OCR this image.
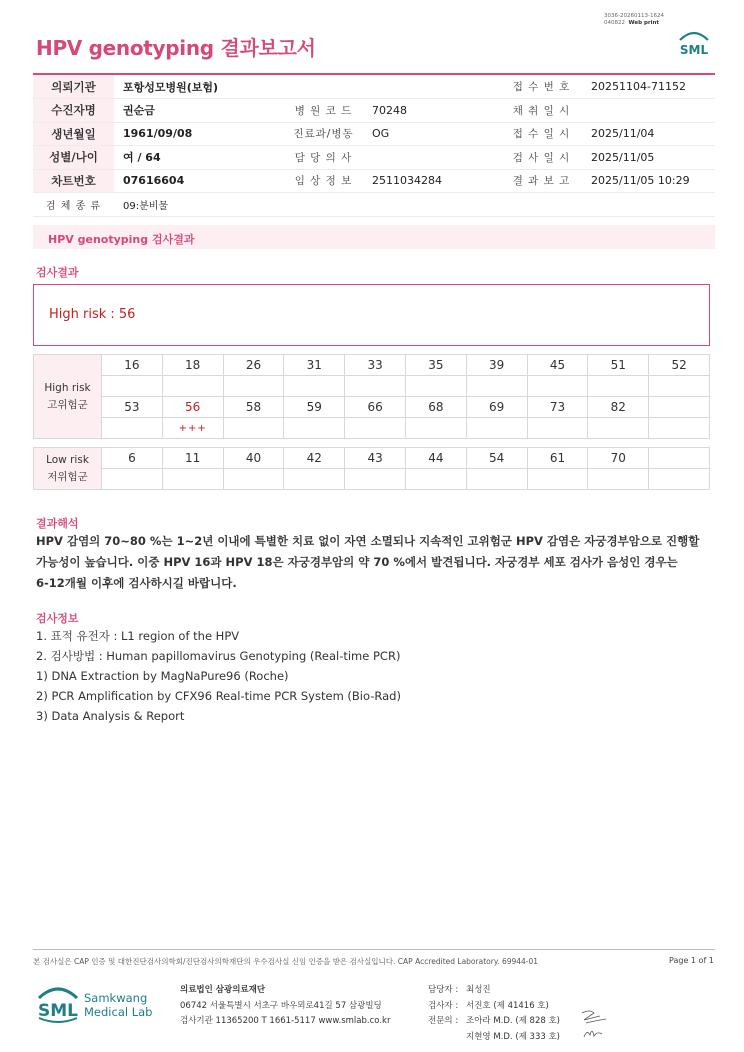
3036-20260113-1624
040822 Web print
HPV genotyping 결과보고서	SML
의뢰기관	포항성모병원(보험)			접 수 번 호	20251104-71152
수진자명	권순금	병 원 코 드	70248	채 취 일 시	
생년월일	1961/09/08	진료과/병동	OG	접 수 일 시	2025/11/04
성별/나이	여 / 64	담 당 의 사		검 사 일 시	2025/11/05
차트번호	07616604	임 상 정 보	2511034284	결 과 보 고	2025/11/05 10:29
검 체 종 류	09:분비물				
HPV genotyping 검사결과
검사결과
High risk : 56
High risk
고위험군	16	18	26	31	33	35	39	45	51	52

	53	56	58	59	66	68	69	73	82	
		+++								
Low risk
저위험군	6	11	40	42	43	44	54	61	70	

결과해석
HPV 감염의 70~80 %는 1~2년 이내에 특별한 치료 없이 자연 소멸되나 지속적인 고위험군 HPV 감염은 자궁경부암으로 진행할
가능성이 높습니다. 이중 HPV 16과 HPV 18은 자궁경부암의 약 70 %에서 발견됩니다. 자궁경부 세포 검사가 음성인 경우는
6-12개월 이후에 검사하시길 바랍니다.
검사정보
1. 표적 유전자 : L1 region of the HPV
2. 검사방법 : Human papillomavirus Genotyping (Real-time PCR)
1) DNA Extraction by MagNaPure96 (Roche)
2) PCR Amplification by CFX96 Real-time PCR System (Bio-Rad)
3) Data Analysis & Report
본 검사실은 CAP 인증 및 대한진단검사의학회/진단검사의학재단의 우수검사실 신임 인증을 받은 검사실입니다. CAP Accredited Laboratory. 69944-01	Page 1 of 1
SML
Samkwang
Medical Lab
의료법인 삼광의료재단
06742 서울특별시 서초구 바우뫼로41길 57 삼광빌딩
검사기관 11365200 T 1661-5117 www.smlab.co.kr
담당자 : 최성진
검사자 : 서진호 (제 41416 호)
전문의 : 조아라 M.D. (제 828 호)
지현영 M.D. (제 333 호)
